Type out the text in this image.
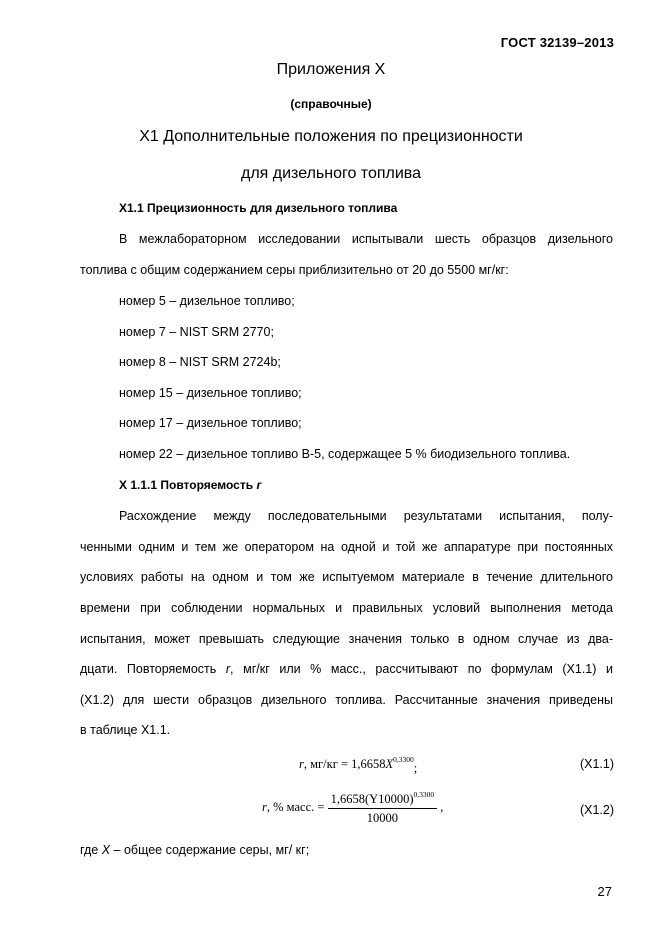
ГОСТ 32139–2013
Приложения Х
(справочные)
Х1 Дополнительные положения по прецизионности
для дизельного топлива
Х1.1 Прецизионность для дизельного топлива
В межлабораторном исследовании испытывали шесть образцов дизельного
топлива с общим содержанием серы приблизительно от 20 до 5500 мг/кг:
номер 5 – дизельное топливо;
номер 7 – NIST SRM 2770;
номер 8 – NIST SRM 2724b;
номер 15 – дизельное топливо;
номер 17 – дизельное топливо;
номер 22 – дизельное топливо В-5, содержащее 5 % биодизельного топлива.
Х 1.1.1 Повторяемость r
Расхождение между последовательными результатами испытания, полу-
ченными одним и тем же оператором на одной и той же аппаратуре при постоянных
условиях работы на одном и том же испытуемом материале в течение длительного
времени при соблюдении нормальных и правильных условий выполнения метода
испытания, может превышать следующие значения только в одном случае из два-
дцати. Повторяемость r, мг/кг или % масс., рассчитывают по формулам (Х1.1) и
(Х1.2) для шести образцов дизельного топлива. Рассчитанные значения приведены
в таблице Х1.1.
r, $мг/кг = 1,6658X^{0,3300}$;	(Х1.1)
r, % масс. = $\frac{1,6658(Y10000)^{0,3300}}{10000}$ ,	(Х1.2)
где X – общее содержание серы, мг/ кг;
27
